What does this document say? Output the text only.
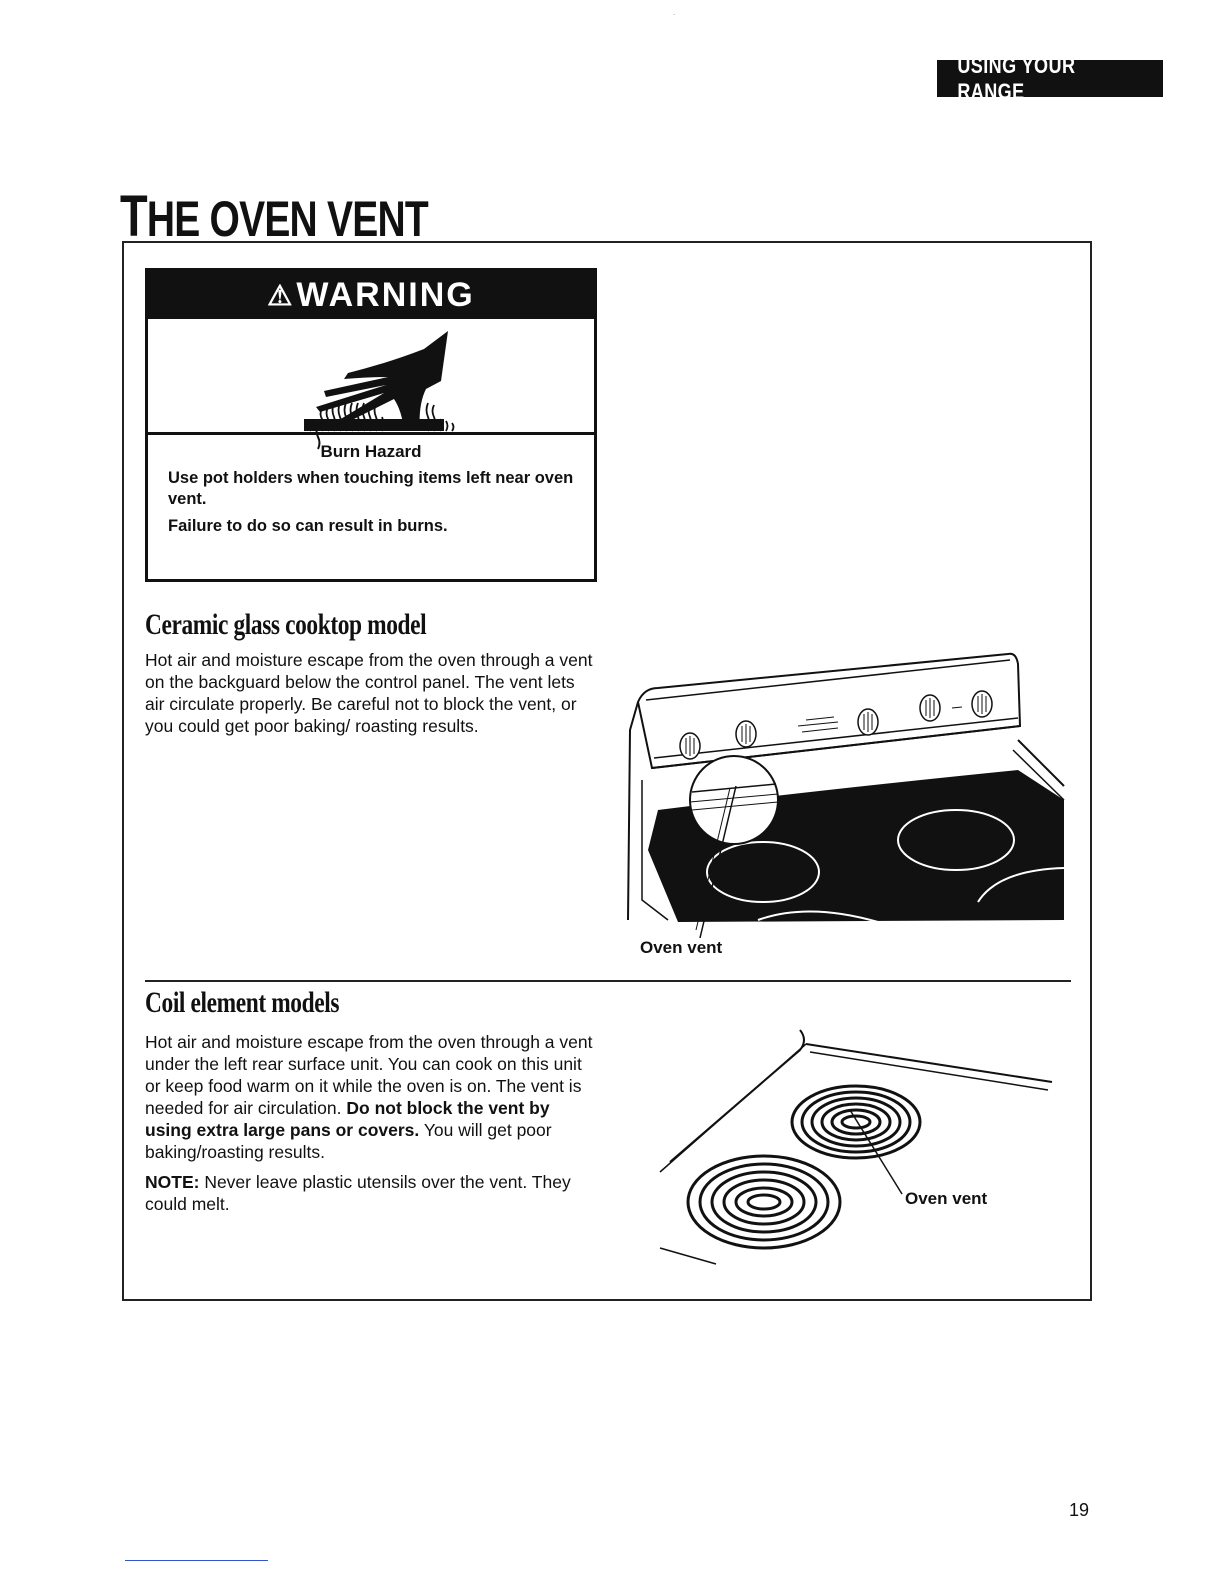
.
USING YOUR RANGE
THE OVEN VENT
⚠ WARNING
Burn Hazard

Use pot holders when touching items left near oven vent.

Failure to do so can result in burns.

Ceramic glass cooktop model

Hot air and moisture escape from the oven through a vent on the backguard below the control panel. The vent lets air circulate properly. Be careful not to block the vent, or you could get poor baking/ roasting results.

Oven vent
Coil element models

Hot air and moisture escape from the oven through a vent under the left rear surface unit. You can cook on this unit or keep food warm on it while the oven is on. The vent is needed for air circulation. Do not block the vent by using extra large pans or covers. You will get poor baking/roasting results.

NOTE: Never leave plastic utensils over the vent. They could melt.	Oven vent
19
